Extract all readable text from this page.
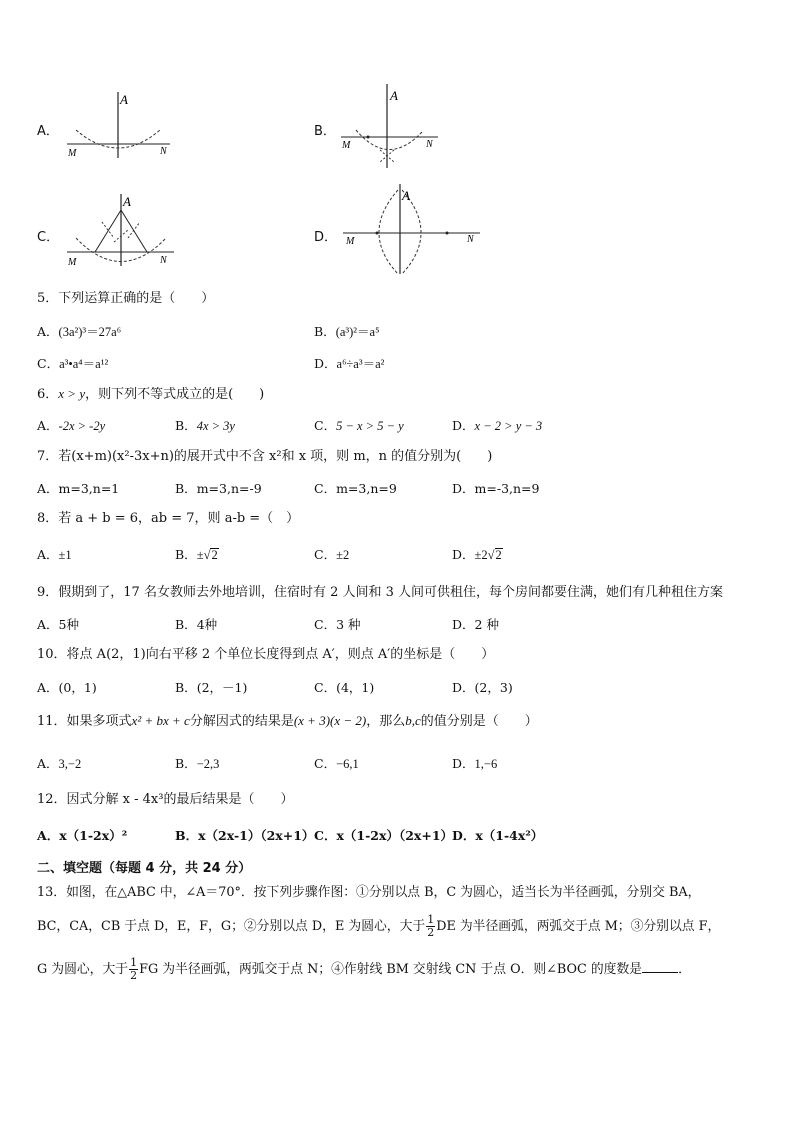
A．
A
M	N
B．
A
M	N
C．
A
M	N
D．
A
M	N
5．下列运算正确的是（　　）
A．(3a²)³＝27a⁶	B．(a³)²＝a⁵
C．a³•a⁴＝a¹²	D．a⁶÷a³＝a²
6．x > y，则下列不等式成立的是(　　)
A．-2x > -2y	B．4x > 3y	C．5 − x > 5 − y	D．x − 2 > y − 3
7．若(x+m)(x²-3x+n)的展开式中不含 x²和 x 项，则 m，n 的值分别为(　　)
A．m=3,n=1	B．m=3,n=-9	C．m=3,n=9	D．m=-3,n=9
8．若 a + b = 6，ab = 7，则 a-b =（　）
A．±1	B．±√2	C．±2	D．±2√2
9．假期到了，17 名女教师去外地培训，住宿时有 2 人间和 3 人间可供租住，每个房间都要住满，她们有几种租住方案
A．5种	B．4种	C．3 种	D．2 种
10．将点 A(2，1)向右平移 2 个单位长度得到点 A′，则点 A′的坐标是（　　）
A．(0，1)	B．(2，－1)	C．(4，1)	D．(2，3)
11．如果多项式x² + bx + c分解因式的结果是(x + 3)(x − 2)，那么b,c的值分别是（　　）
A．3,−2	B．−2,3	C．−6,1	D．1,−6
12．因式分解 x - 4x³的最后结果是（　　）
A．x（1-2x）²	B．x（2x-1）（2x+1） C．x（1-2x）（2x+1）
D．x（1-4x²）
二、填空题（每题 4 分，共 24 分）
13．如图，在△ABC 中，∠A＝70°．按下列步骤作图：①分别以点 B，C 为圆心，适当长为半径画弧，分别交 BA，
BC，CA，CB 于点 D，E，F，G；②分别以点 D，E 为圆心，大于 $\frac{1}{2}$ DE 为半径画弧，两弧交于点 M；③分别以点 F，
G 为圆心，大于 $\frac{1}{2}$ FG 为半径画弧，两弧交于点 N；④作射线 BM 交射线 CN 于点 O．则∠BOC 的度数是	．
